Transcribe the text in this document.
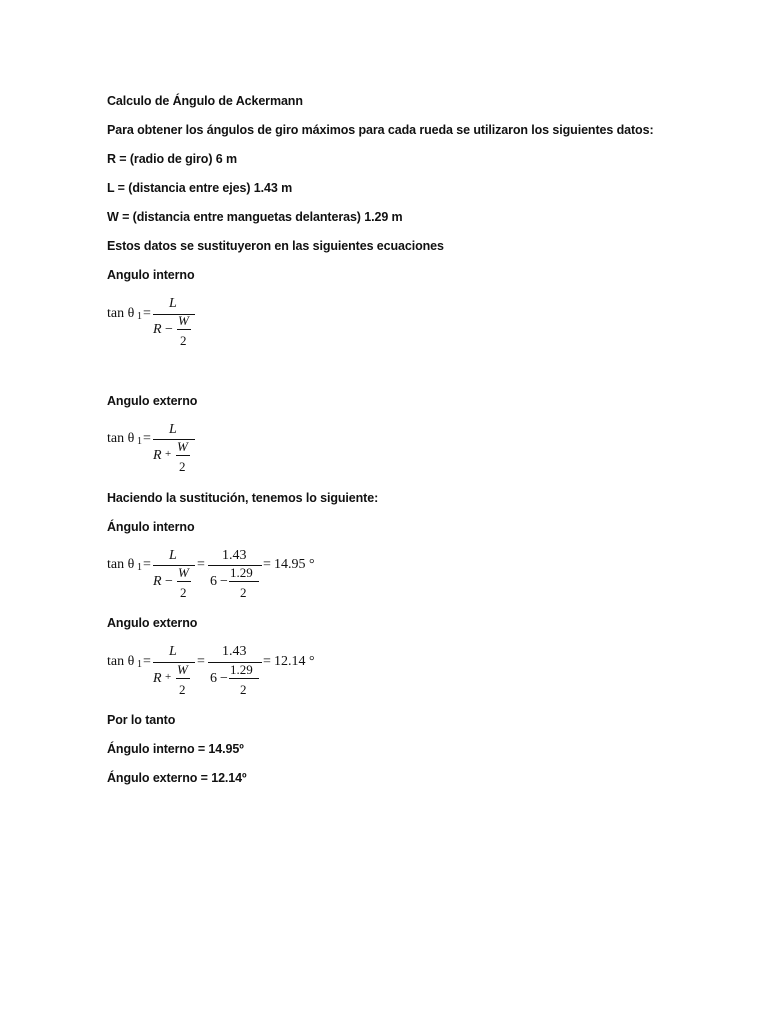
Calculo de Ángulo de Ackermann
Para obtener los ángulos de giro máximos para cada rueda se utilizaron los siguientes datos:
R = (radio de giro) 6 m
L = (distancia entre ejes) 1.43 m
W = (distancia entre manguetas delanteras) 1.29 m
Estos datos se sustituyeron en las siguientes ecuaciones
Angulo interno
tan θ 1 =
L
R −
W
2
Angulo externo
tan θ 1 =
L
R + W
2
Haciendo la sustitución, tenemos lo siguiente:
Ángulo interno
tan θ 1 =
L
R −
W
2
=
1.43
6 −
1.29
2
= 14.95 °
Angulo externo
tan θ 1 =
L
R + W
2
=
1.43
6 −
1.29
2
= 12.14 °
Por lo tanto
Ángulo interno = 14.95º
Ángulo externo = 12.14º
